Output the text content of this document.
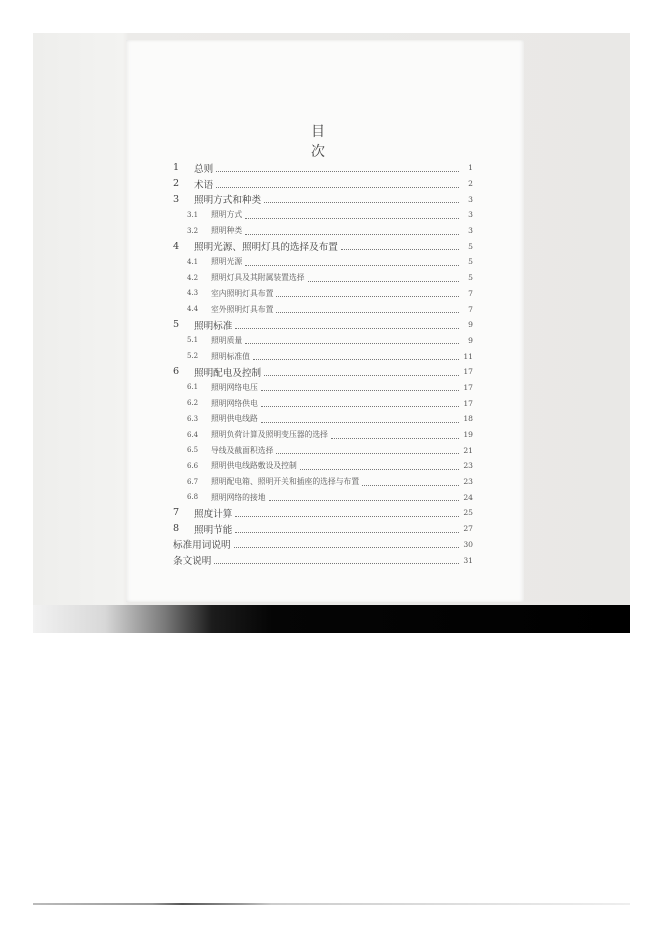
目 次
1	总则	1
2	术语	2
3	照明方式和种类	3
3.1	照明方式	3
3.2	照明种类	3
4	照明光源、照明灯具的选择及布置	5
4.1	照明光源	5
4.2	照明灯具及其附属装置选择	5
4.3	室内照明灯具布置	7
4.4	室外照明灯具布置	7
5	照明标准	9
5.1	照明质量	9
5.2	照明标准值	11
6	照明配电及控制	17
6.1	照明网络电压	17
6.2	照明网络供电	17
6.3	照明供电线路	18
6.4	照明负荷计算及照明变压器的选择	19
6.5	导线及截面积选择	21
6.6	照明供电线路敷设及控制	23
6.7	照明配电箱、照明开关和插座的选择与布置	23
6.8	照明网络的接地	24
7	照度计算	25
8	照明节能	27
标准用词说明	30
条文说明	31
